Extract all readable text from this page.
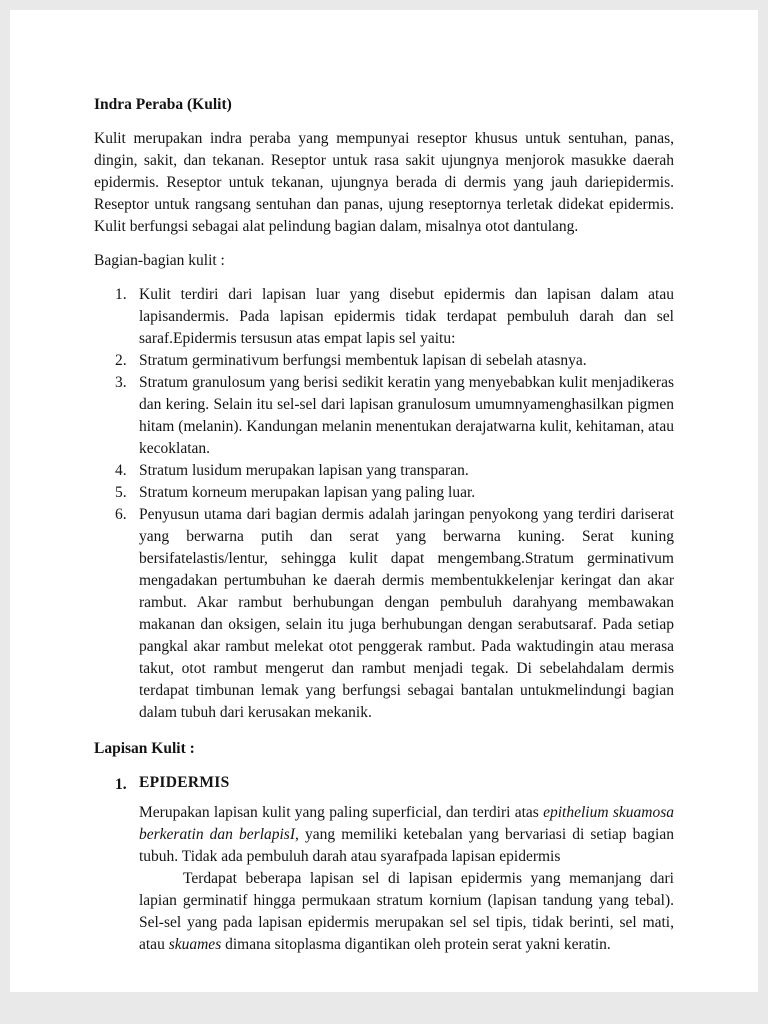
Indra Peraba (Kulit)

Kulit merupakan indra peraba yang mempunyai reseptor khusus untuk sentuhan, panas, dingin, sakit, dan tekanan. Reseptor untuk rasa sakit ujungnya menjorok masukke daerah epidermis. Reseptor untuk tekanan, ujungnya berada di dermis yang jauh dariepidermis. Reseptor untuk rangsang sentuhan dan panas, ujung reseptornya terletak didekat epidermis. Kulit berfungsi sebagai alat pelindung bagian dalam, misalnya otot dantulang.

Bagian-bagian kulit :
1. Kulit terdiri dari lapisan luar yang disebut epidermis dan lapisan dalam atau lapisandermis. Pada lapisan epidermis tidak terdapat pembuluh darah dan sel saraf.Epidermis tersusun atas empat lapis sel yaitu:
2. Stratum germinativum berfungsi membentuk lapisan di sebelah atasnya.
3. Stratum granulosum yang berisi sedikit keratin yang menyebabkan kulit menjadikeras dan kering. Selain itu sel-sel dari lapisan granulosum umumnyamenghasilkan pigmen hitam (melanin). Kandungan melanin menentukan derajatwarna kulit, kehitaman, atau kecoklatan.
4. Stratum lusidum merupakan lapisan yang transparan.
5. Stratum korneum merupakan lapisan yang paling luar.
6. Penyusun utama dari bagian dermis adalah jaringan penyokong yang terdiri dariserat yang berwarna putih dan serat yang berwarna kuning. Serat kuning bersifatelastis/lentur, sehingga kulit dapat mengembang.Stratum germinativum mengadakan pertumbuhan ke daerah dermis membentukkelenjar keringat dan akar rambut. Akar rambut berhubungan dengan pembuluh darahyang membawakan makanan dan oksigen, selain itu juga berhubungan dengan serabutsaraf. Pada setiap pangkal akar rambut melekat otot penggerak rambut. Pada waktudingin atau merasa takut, otot rambut mengerut dan rambut menjadi tegak. Di sebelahdalam dermis terdapat timbunan lemak yang berfungsi sebagai bantalan untukmelindungi bagian dalam tubuh dari kerusakan mekanik.
Lapisan Kulit :
1. EPIDERMIS

Merupakan lapisan kulit yang paling superficial, dan terdiri atas epithelium skuamosa berkeratin dan berlapisI, yang memiliki ketebalan yang bervariasi di setiap bagian tubuh. Tidak ada pembuluh darah atau syarafpada lapisan epidermis

Terdapat beberapa lapisan sel di lapisan epidermis yang memanjang dari lapian germinatif hingga permukaan stratum kornium (lapisan tandung yang tebal). Sel-sel yang pada lapisan epidermis merupakan sel sel tipis, tidak berinti, sel mati, atau skuames dimana sitoplasma digantikan oleh protein serat yakni keratin.
